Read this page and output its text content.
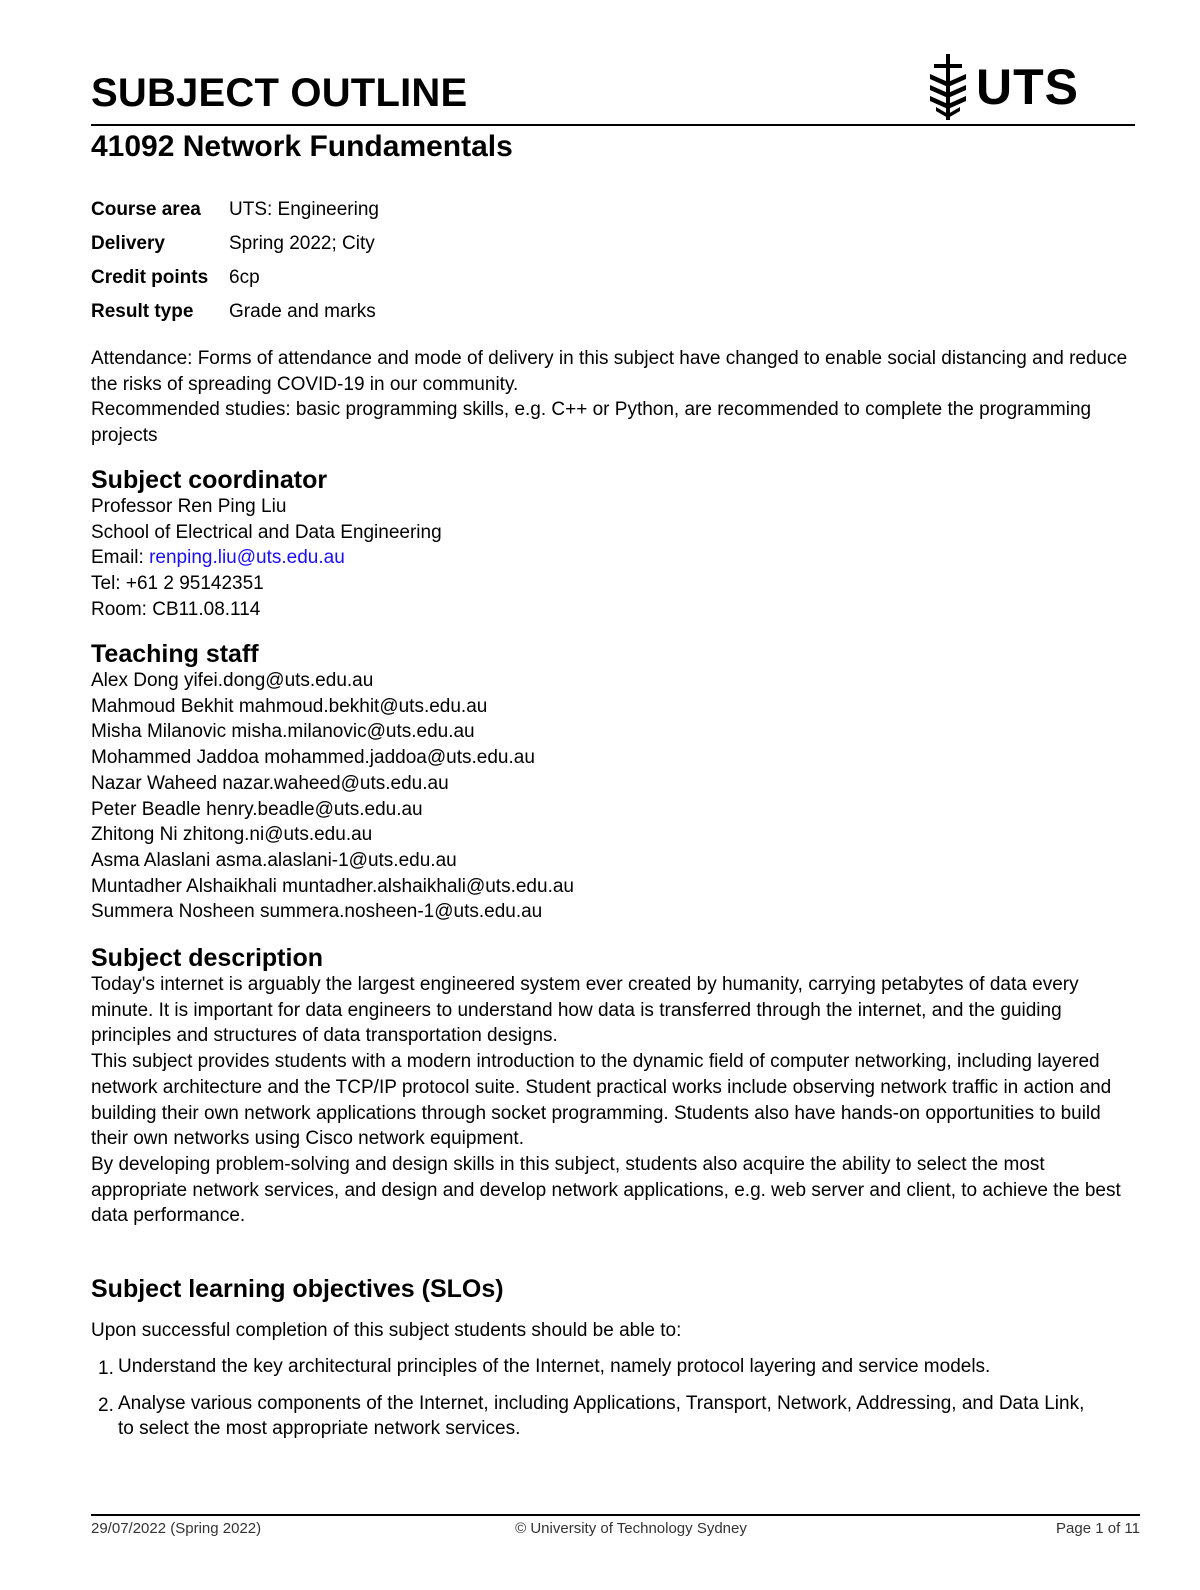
SUBJECT OUTLINE	UTS
41092 Network Fundamentals
Course area	UTS: Engineering
Delivery	Spring 2022; City
Credit points	6cp
Result type	Grade and marks

Attendance: Forms of attendance and mode of delivery in this subject have changed to enable social distancing and reduce the risks of spreading COVID-19 in our community.

Recommended studies: basic programming skills, e.g. C++ or Python, are recommended to complete the programming projects

Subject coordinator

Professor Ren Ping Liu

School of Electrical and Data Engineering

Email: renping.liu@uts.edu.au

Tel: +61 2 95142351

Room: CB11.08.114

Teaching staff

Alex Dong yifei.dong@uts.edu.au

Mahmoud Bekhit mahmoud.bekhit@uts.edu.au

Misha Milanovic misha.milanovic@uts.edu.au

Mohammed Jaddoa mohammed.jaddoa@uts.edu.au

Nazar Waheed nazar.waheed@uts.edu.au

Peter Beadle henry.beadle@uts.edu.au

Zhitong Ni zhitong.ni@uts.edu.au

Asma Alaslani asma.alaslani-1@uts.edu.au

Muntadher Alshaikhali muntadher.alshaikhali@uts.edu.au

Summera Nosheen summera.nosheen-1@uts.edu.au

Subject description

Today's internet is arguably the largest engineered system ever created by humanity, carrying petabytes of data every minute. It is important for data engineers to understand how data is transferred through the internet, and the guiding principles and structures of data transportation designs.

This subject provides students with a modern introduction to the dynamic field of computer networking, including layered network architecture and the TCP/IP protocol suite. Student practical works include observing network traffic in action and building their own network applications through socket programming. Students also have hands-on opportunities to build their own networks using Cisco network equipment.

By developing problem-solving and design skills in this subject, students also acquire the ability to select the most appropriate network services, and design and develop network applications, e.g. web server and client, to achieve the best data performance.

Subject learning objectives (SLOs)
Upon successful completion of this subject students should be able to:
1. Understand the key architectural principles of the Internet, namely protocol layering and service models.
2. Analyse various components of the Internet, including Applications, Transport, Network, Addressing, and Data Link, to select the most appropriate network services.
29/07/2022 (Spring 2022)	© University of Technology Sydney	Page 1 of 11
